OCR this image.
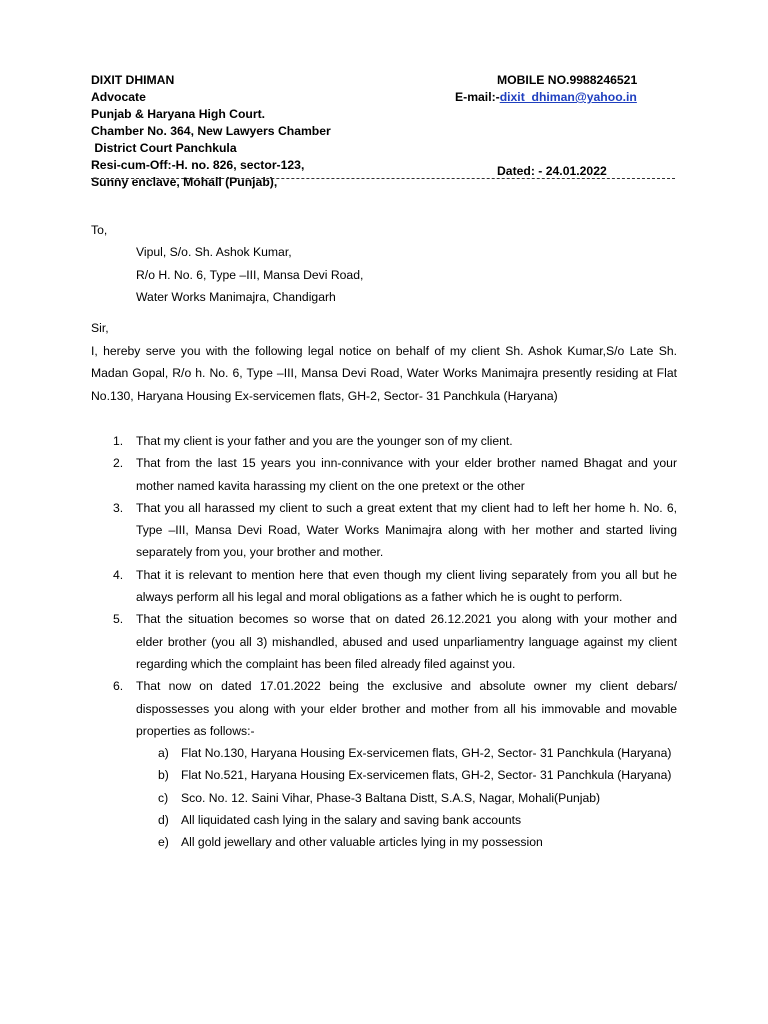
DIXIT DHIMAN
Advocate
Punjab & Haryana High Court.
Chamber No. 364, New Lawyers Chamber
District Court Panchkula
Resi-cum-Off:-H. no. 826, sector-123,
Sunny enclave, Mohall (Punjab),
MOBILE NO.9988246521
E-mail:-dixit_dhiman@yahoo.in
Dated: - 24.01.2022
To,
Vipul, S/o. Sh. Ashok Kumar,
R/o H. No. 6, Type –III, Mansa Devi Road,
Water Works Manimajra, Chandigarh
Sir,
I, hereby serve you with the following legal notice on behalf of my client Sh. Ashok Kumar,S/o Late Sh. Madan Gopal, R/o h. No. 6, Type –III, Mansa Devi Road, Water Works Manimajra presently residing at Flat No.130, Haryana Housing Ex-servicemen flats, GH-2, Sector- 31 Panchkula (Haryana)
1. That my client is your father and you are the younger son of my client.
2. That from the last 15 years you inn-connivance with your elder brother named Bhagat and your mother named kavita harassing my client on the one pretext or the other
3. That you all harassed my client to such a great extent that my client had to left her home h. No. 6, Type –III, Mansa Devi Road, Water Works Manimajra along with her mother and started living separately from you, your brother and mother.
4. That it is relevant to mention here that even though my client living separately from you all but he always perform all his legal and moral obligations as a father which he is ought to perform.
5. That the situation becomes so worse that on dated 26.12.2021 you along with your mother and elder brother (you all 3) mishandled, abused and used unparliamentry language against my client regarding which the complaint has been filed already filed against you.
6. That now on dated 17.01.2022 being the exclusive and absolute owner my client debars/ dispossesses you along with your elder brother and mother from all his immovable and movable properties as follows:-
a) Flat No.130, Haryana Housing Ex-servicemen flats, GH-2, Sector- 31 Panchkula (Haryana)
b) Flat No.521, Haryana Housing Ex-servicemen flats, GH-2, Sector- 31 Panchkula (Haryana)
c) Sco. No. 12. Saini Vihar, Phase-3 Baltana Distt, S.A.S, Nagar, Mohali(Punjab)
d) All liquidated cash lying in the salary and saving bank accounts
e) All gold jewellary and other valuable articles lying in my possession
